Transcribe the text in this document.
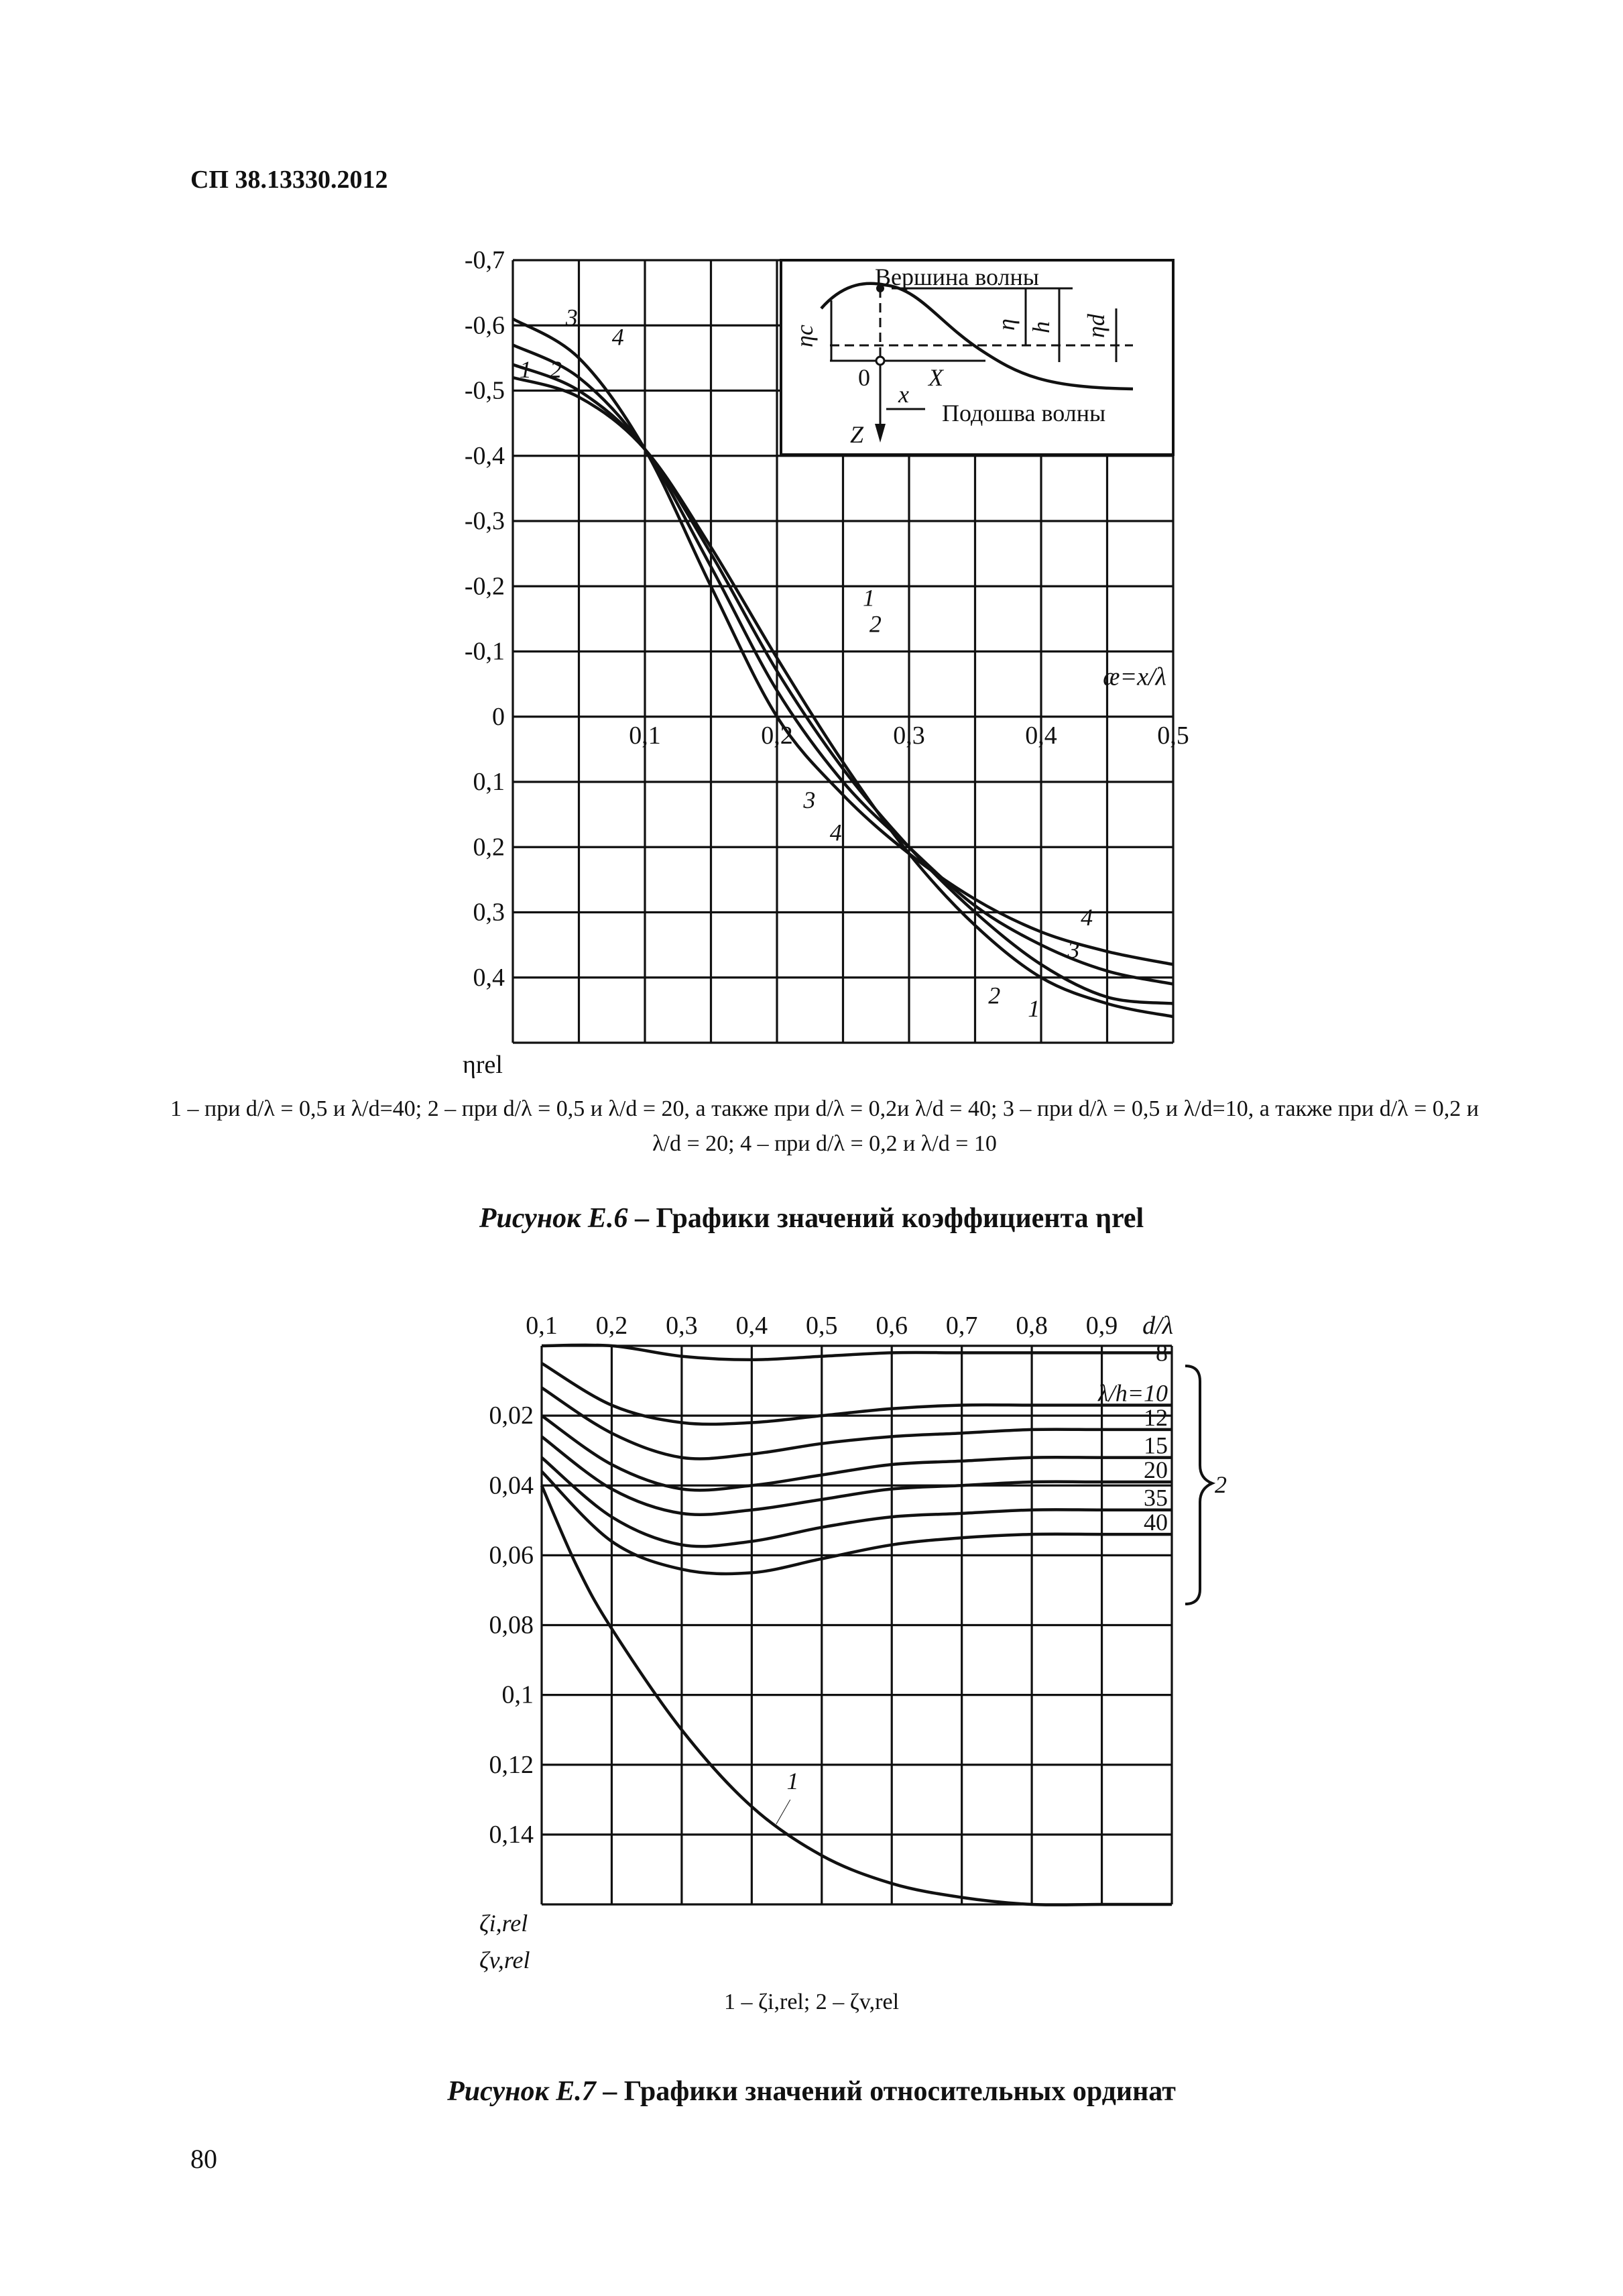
СП 38.13330.2012
-0,7
-0,6
-0,5
-0,4
-0,3
-0,2
-0,1
0
0,1
0,2
0,3
0,4
0,1	0,2	0,3	0,4	0,5
ηrel
æ=x/λ
1
1
1
2
2
2
3
3
3
4
4
4
Вершина волны
Подошва волны
ηc
η h ηd
0 X
x
Z
0,1 0,2 0,3 0,4 0,5 0,6 0,7 0,8 0,9 d/λ
0,02
0,04
0,06
0,08
0,1
0,12
0,14
ζi,rel
ζv,rel
1
8
λ/h=10
12
15
20
35
40
2
1 – при d/λ = 0,5 и λ/d=40; 2 – при d/λ = 0,5 и λ/d = 20, а также при d/λ = 0,2и λ/d = 40; 3 – при d/λ = 0,5 и λ/d=10, а также при d/λ = 0,2 и λ/d = 20; 4 – при d/λ = 0,2 и λ/d = 10
Рисунок Е.6 – Графики значений коэффициента ηrel
1 – ζi,rel; 2 – ζv,rel
Рисунок Е.7 – Графики значений относительных ординат
80
